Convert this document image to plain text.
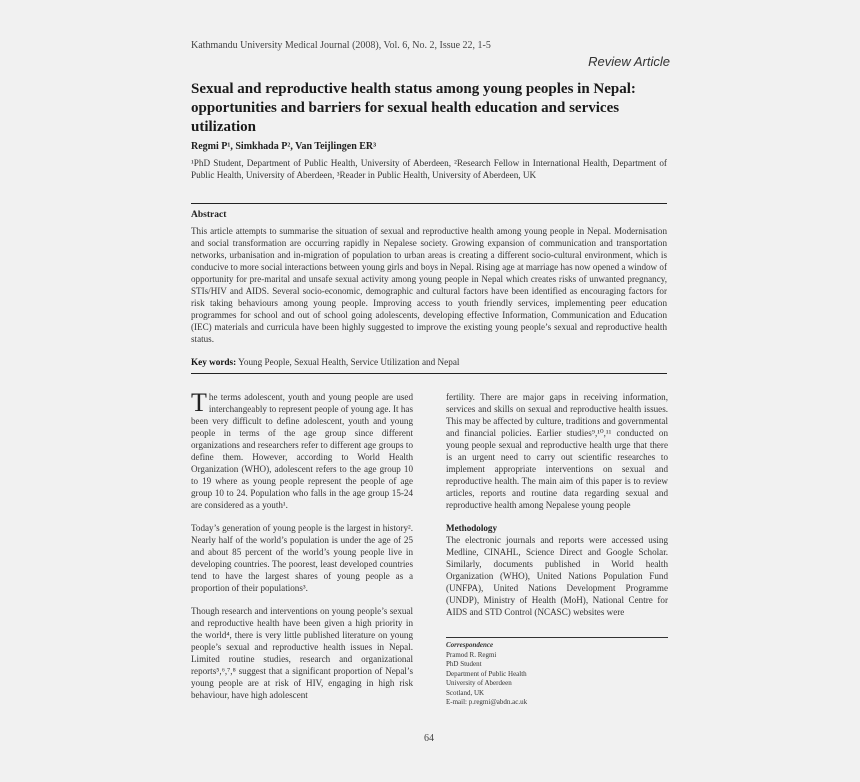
Kathmandu University Medical Journal (2008), Vol. 6, No. 2, Issue 22, 1-5
Review Article
Sexual and reproductive health status among young peoples in Nepal: opportunities and barriers for sexual health education and services utilization
Regmi P¹, Simkhada P², Van Teijlingen ER³
¹PhD Student, Department of Public Health, University of Aberdeen, ²Research Fellow in International Health, Department of Public Health, University of Aberdeen, ³Reader in Public Health, University of Aberdeen, UK
Abstract
This article attempts to summarise the situation of sexual and reproductive health among young people in Nepal. Modernisation and social transformation are occurring rapidly in Nepalese society. Growing expansion of communication and transportation networks, urbanisation and in-migration of population to urban areas is creating a different socio-cultural environment, which is conducive to more social interactions between young girls and boys in Nepal. Rising age at marriage has now opened a window of opportunity for pre-marital and unsafe sexual activity among young people in Nepal which creates risks of unwanted pregnancy, STIs/HIV and AIDS. Several socio-economic, demographic and cultural factors have been identified as encouraging factors for risk taking behaviours among young people. Improving access to youth friendly services, implementing peer education programmes for school and out of school going adolescents, developing effective Information, Communication and Education (IEC) materials and curricula have been highly suggested to improve the existing young people’s sexual and reproductive health status.
Key words: Young People, Sexual Health, Service Utilization and Nepal

The terms adolescent, youth and young people are used interchangeably to represent people of young age. It has been very difficult to define adolescent, youth and young people in terms of the age group since different organizations and researchers refer to different age groups to define them. However, according to World Health Organization (WHO), adolescent refers to the age group 10 to 19 where as young people represent the people of age group 10 to 24. Population who falls in the age group 15-24 are considered as a youth¹.

Today’s generation of young people is the largest in history². Nearly half of the world’s population is under the age of 25 and about 85 percent of the world’s young people live in developing countries. The poorest, least developed countries tend to have the largest shares of young people as a proportion of their populations³.

Though research and interventions on young people’s sexual and reproductive health have been given a high priority in the world⁴, there is very little published literature on young people’s sexual and reproductive health issues in Nepal. Limited routine studies, research and organizational reports⁵,⁶,⁷,⁸ suggest that a significant proportion of Nepal’s young people are at risk of HIV, engaging in high risk behaviour, have high adolescent

fertility. There are major gaps in receiving information, services and skills on sexual and reproductive health issues. This may be affected by culture, traditions and governmental and financial policies. Earlier studies⁹,¹⁰,¹¹ conducted on young people sexual and reproductive health urge that there is an urgent need to carry out scientific researches to implement appropriate interventions on sexual and reproductive health. The main aim of this paper is to review articles, reports and routine data regarding sexual and reproductive health among Nepalese young people

Methodology

The electronic journals and reports were accessed using Medline, CINAHL, Science Direct and Google Scholar. Similarly, documents published in World health Organization (WHO), United Nations Population Fund (UNFPA), United Nations Development Programme (UNDP), Ministry of Health (MoH), National Centre for AIDS and STD Control (NCASC) websites were

Correspondence
Pramod R. Regmi
PhD Student
Department of Public Health
University of Aberdeen
Scotland, UK
E-mail: p.regmi@abdn.ac.uk
64
